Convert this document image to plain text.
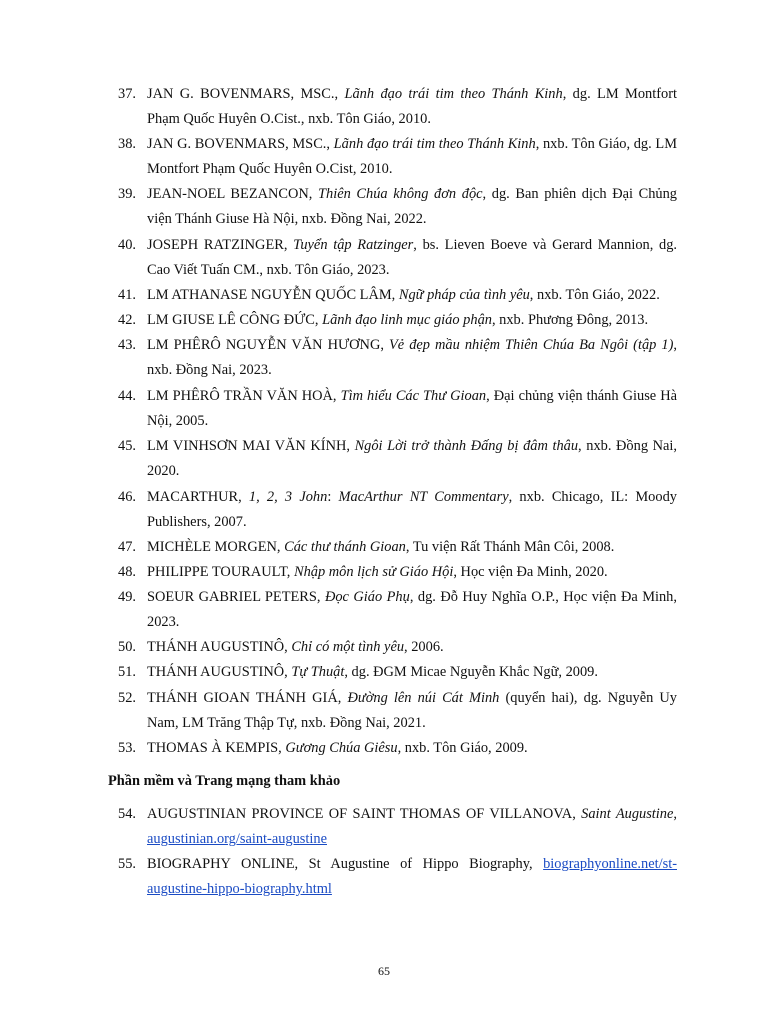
37. JAN G. BOVENMARS, MSC., Lãnh đạo trái tim theo Thánh Kinh, dg. LM Montfort Phạm Quốc Huyên O.Cist., nxb. Tôn Giáo, 2010.
38. JAN G. BOVENMARS, MSC., Lãnh đạo trái tim theo Thánh Kinh, nxb. Tôn Giáo, dg. LM Montfort Phạm Quốc Huyên O.Cist, 2010.
39. JEAN-NOEL BEZANCON, Thiên Chúa không đơn độc, dg. Ban phiên dịch Đại Chủng viện Thánh Giuse Hà Nội, nxb. Đồng Nai, 2022.
40. JOSEPH RATZINGER, Tuyển tập Ratzinger, bs. Lieven Boeve và Gerard Mannion, dg. Cao Viết Tuấn CM., nxb. Tôn Giáo, 2023.
41. LM ATHANASE NGUYỄN QUỐC LÂM, Ngữ pháp của tình yêu, nxb. Tôn Giáo, 2022.
42. LM GIUSE LÊ CÔNG ĐỨC, Lãnh đạo linh mục giáo phận, nxb. Phương Đông, 2013.
43. LM PHÊRÔ NGUYỄN VĂN HƯƠNG, Vẻ đẹp mầu nhiệm Thiên Chúa Ba Ngôi (tập 1), nxb. Đồng Nai, 2023.
44. LM PHÊRÔ TRẦN VĂN HOÀ, Tìm hiểu Các Thư Gioan, Đại chủng viện thánh Giuse Hà Nội, 2005.
45. LM VINHSƠN MAI VĂN KÍNH, Ngôi Lời trở thành Đấng bị đâm thâu, nxb. Đồng Nai, 2020.
46. MACARTHUR, 1, 2, 3 John: MacArthur NT Commentary, nxb. Chicago, IL: Moody Publishers, 2007.
47. MICHÈLE MORGEN, Các thư thánh Gioan, Tu viện Rất Thánh Mân Côi, 2008.
48. PHILIPPE TOURAULT, Nhập môn lịch sử Giáo Hội, Học viện Đa Minh, 2020.
49. SOEUR GABRIEL PETERS, Đọc Giáo Phụ, dg. Đỗ Huy Nghĩa O.P., Học viện Đa Minh, 2023.
50. THÁNH AUGUSTINÔ, Chỉ có một tình yêu, 2006.
51. THÁNH AUGUSTINÔ, Tự Thuật, dg. ĐGM Micae Nguyễn Khắc Ngữ, 2009.
52. THÁNH GIOAN THÁNH GIÁ, Đường lên núi Cát Minh (quyển hai), dg. Nguyễn Uy Nam, LM Trăng Thập Tự, nxb. Đồng Nai, 2021.
53. THOMAS À KEMPIS, Gương Chúa Giêsu, nxb. Tôn Giáo, 2009.
Phần mềm và Trang mạng tham khảo
54. AUGUSTINIAN PROVINCE OF SAINT THOMAS OF VILLANOVA, Saint Augustine, augustinian.org/saint-augustine
55. BIOGRAPHY ONLINE, St Augustine of Hippo Biography, biographyonline.net/st-augustine-hippo-biography.html
65
